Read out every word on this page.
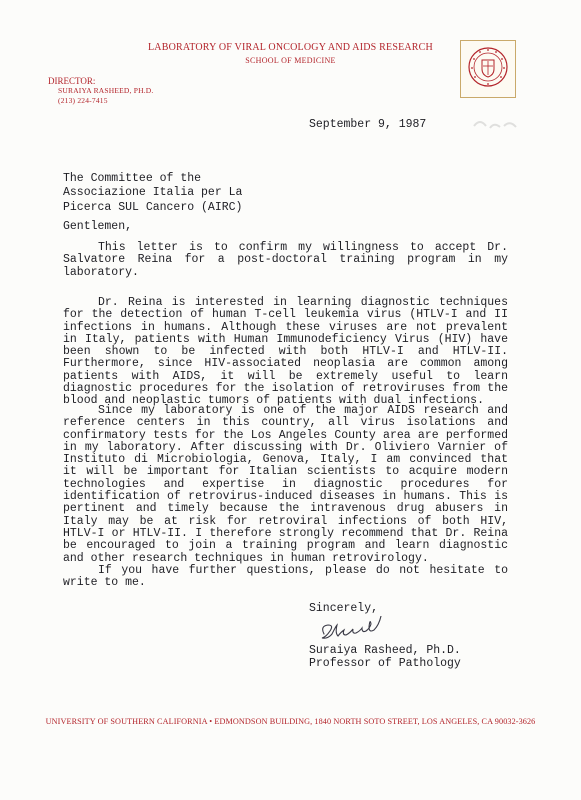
LABORATORY OF VIRAL ONCOLOGY AND AIDS RESEARCH
SCHOOL OF MEDICINE
DIRECTOR:
SURAIYA RASHEED, PH.D.
(213) 224-7415
September 9, 1987
The Committee of the
Associazione Italia per La
Picerca SUL Cancero (AIRC)
Gentlemen,
This letter is to confirm my willingness to accept Dr. Salvatore Reina for a post-doctoral training program in my laboratory.
Dr. Reina is interested in learning diagnostic techniques for the detection of human T-cell leukemia virus (HTLV-I and II infections in humans. Although these viruses are not prevalent in Italy, patients with Human Immunodeficiency Virus (HIV) have been shown to be infected with both HTLV-I and HTLV-II. Furthermore, since HIV-associated neoplasia are common among patients with AIDS, it will be extremely useful to learn diagnostic procedures for the isolation of retroviruses from the blood and neoplastic tumors of patients with dual infections.
Since my laboratory is one of the major AIDS research and reference centers in this country, all virus isolations and confirmatory tests for the Los Angeles County area are performed in my laboratory. After discussing with Dr. Oliviero Varnier of Instituto di Microbiologia, Genova, Italy, I am convinced that it will be important for Italian scientists to acquire modern technologies and expertise in diagnostic procedures for identification of retrovirus-induced diseases in humans. This is pertinent and timely because the intravenous drug abusers in Italy may be at risk for retroviral infections of both HIV, HTLV-I or HTLV-II. I therefore strongly recommend that Dr. Reina be encouraged to join a training program and learn diagnostic and other research techniques in human retrovirology.
If you have further questions, please do not hesitate to write to me.
Sincerely,
Suraiya Rasheed, Ph.D.
Professor of Pathology
UNIVERSITY OF SOUTHERN CALIFORNIA • EDMONDSON BUILDING, 1840 NORTH SOTO STREET, LOS ANGELES, CA 90032-3626
